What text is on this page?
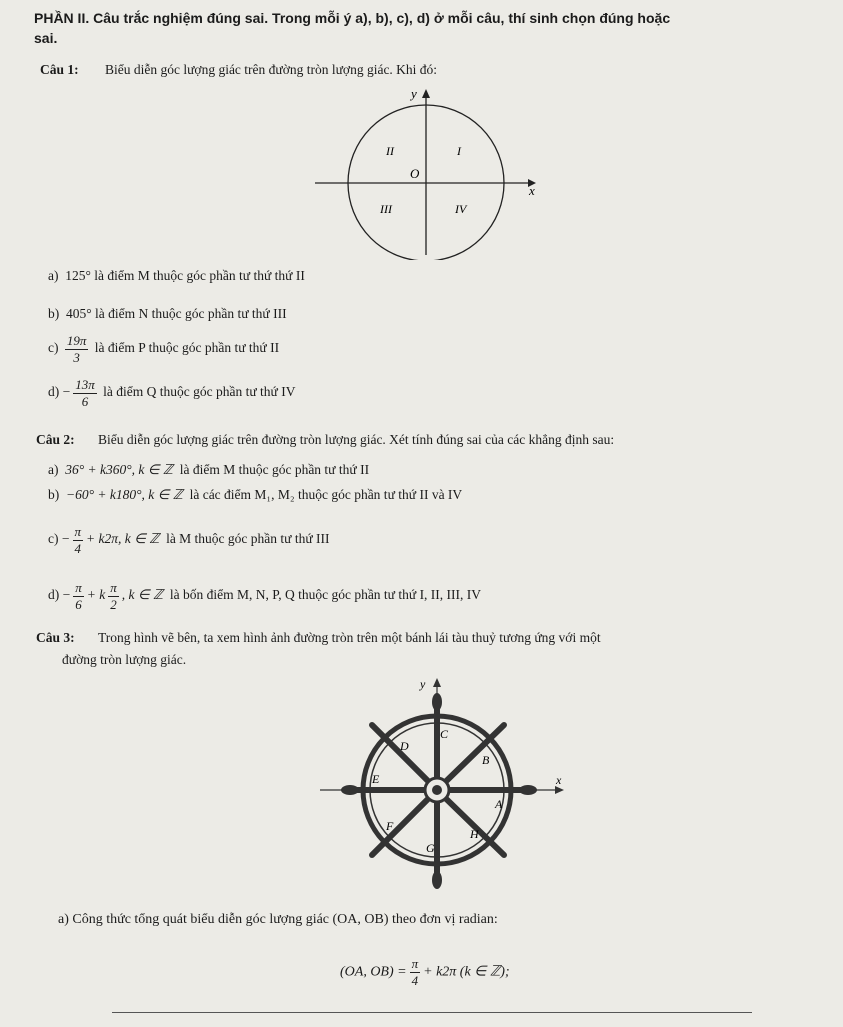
PHẦN II. Câu trắc nghiệm đúng sai. Trong mỗi ý a), b), c), d) ở mỗi câu, thí sinh chọn đúng hoặc
sai.
Câu 1: Biểu diễn góc lượng giác trên đường tròn lượng giác. Khi đó:
y
x
O
I
II
III	IV
a) 125° là điểm M thuộc góc phần tư thứ thứ II
b) 405° là điểm N thuộc góc phần tư thứ III
$c) \frac{19\pi}{3}$ là điểm P thuộc góc phần tư thứ II
$d) - \frac{13\pi}{6}$ là điểm Q thuộc góc phần tư thứ IV
Câu 2: Biểu diễn góc lượng giác trên đường tròn lượng giác. Xét tính đúng sai của các khẳng định sau:
a) 36° + k360°, k ∈ ℤ là điểm M thuộc góc phần tư thứ II
b) −60° + k180°, k ∈ ℤ là các điểm M₁, M₂ thuộc góc phần tư thứ II và IV
$c) - \frac{\pi}{4} + k2\pi$, k ∈ ℤ là M thuộc góc phần tư thứ III
$d) - \frac{\pi}{6} + k \frac{\pi}{2}$ , k ∈ ℤ là bốn điểm M, N, P, Q thuộc góc phần tư thứ I, II, III, IV
Câu 3: Trong hình vẽ bên, ta xem hình ảnh đường tròn trên một bánh lái tàu thuỷ tương ứng với một
đường tròn lượng giác.
y
x
A
B
C
D
E
F
G
H
a) Công thức tổng quát biểu diễn góc lượng giác (OA, OB) theo đơn vị radian:
(OA, $OB) = \frac{\pi}{4} + k2\pi$ (k ∈ ℤ);
